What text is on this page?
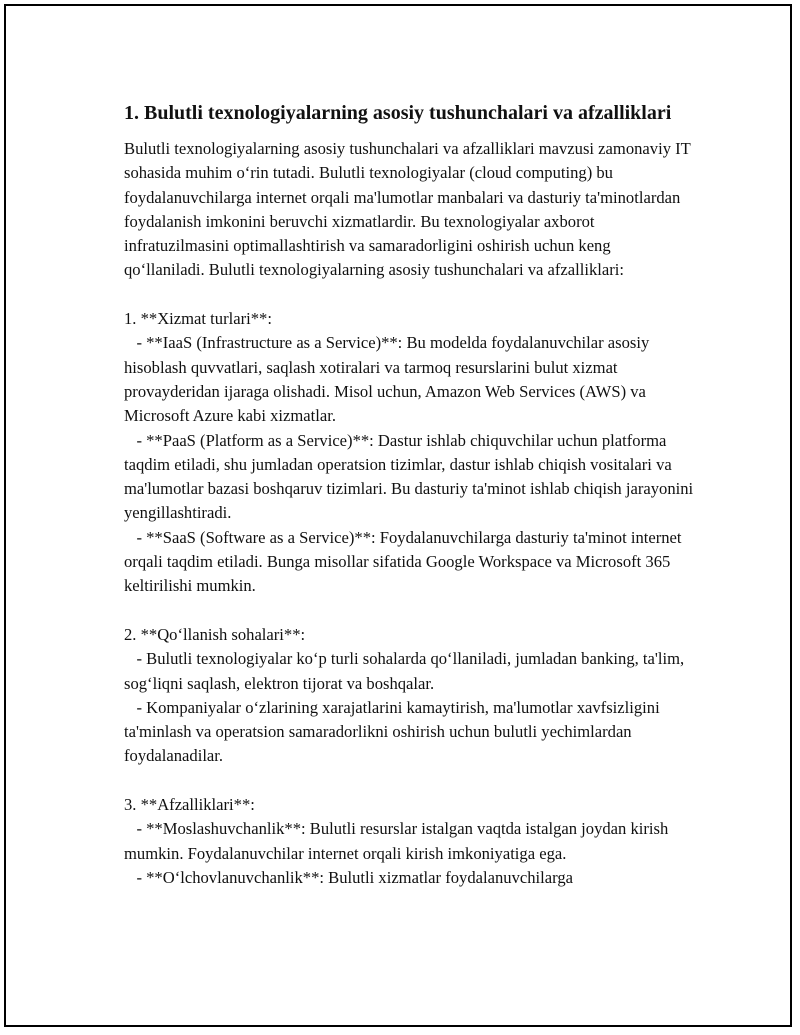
1. Bulutli texnologiyalarning asosiy tushunchalari va afzalliklari

Bulutli texnologiyalarning asosiy tushunchalari va afzalliklari mavzusi zamonaviy IT sohasida muhim o‘rin tutadi. Bulutli texnologiyalar (cloud computing) bu foydalanuvchilarga internet orqali ma'lumotlar manbalari va dasturiy ta'minotlardan foydalanish imkonini beruvchi xizmatlardir. Bu texnologiyalar axborot infratuzilmasini optimallashtirish va samaradorligini oshirish uchun keng qo‘llaniladi. Bulutli texnologiyalarning asosiy tushunchalari va afzalliklari:

1. **Xizmat turlari**:
- **IaaS (Infrastructure as a Service)**: Bu modelda foydalanuvchilar asosiy hisoblash quvvatlari, saqlash xotiralari va tarmoq resurslarini bulut xizmat provayderidan ijaraga olishadi. Misol uchun, Amazon Web Services (AWS) va Microsoft Azure kabi xizmatlar.
- **PaaS (Platform as a Service)**: Dastur ishlab chiquvchilar uchun platforma taqdim etiladi, shu jumladan operatsion tizimlar, dastur ishlab chiqish vositalari va ma'lumotlar bazasi boshqaruv tizimlari. Bu dasturiy ta'minot ishlab chiqish jarayonini yengillashtiradi.
- **SaaS (Software as a Service)**: Foydalanuvchilarga dasturiy ta'minot internet orqali taqdim etiladi. Bunga misollar sifatida Google Workspace va Microsoft 365 keltirilishi mumkin.

2. **Qo‘llanish sohalari**:
- Bulutli texnologiyalar ko‘p turli sohalarda qo‘llaniladi, jumladan banking, ta'lim, sog‘liqni saqlash, elektron tijorat va boshqalar.
- Kompaniyalar o‘zlarining xarajatlarini kamaytirish, ma'lumotlar xavfsizligini ta'minlash va operatsion samaradorlikni oshirish uchun bulutli yechimlardan foydalanadilar.

3. **Afzalliklari**:
- **Moslashuvchanlik**: Bulutli resurslar istalgan vaqtda istalgan joydan kirish mumkin. Foydalanuvchilar internet orqali kirish imkoniyatiga ega.
- **O‘lchovlanuvchanlik**: Bulutli xizmatlar foydalanuvchilarga
